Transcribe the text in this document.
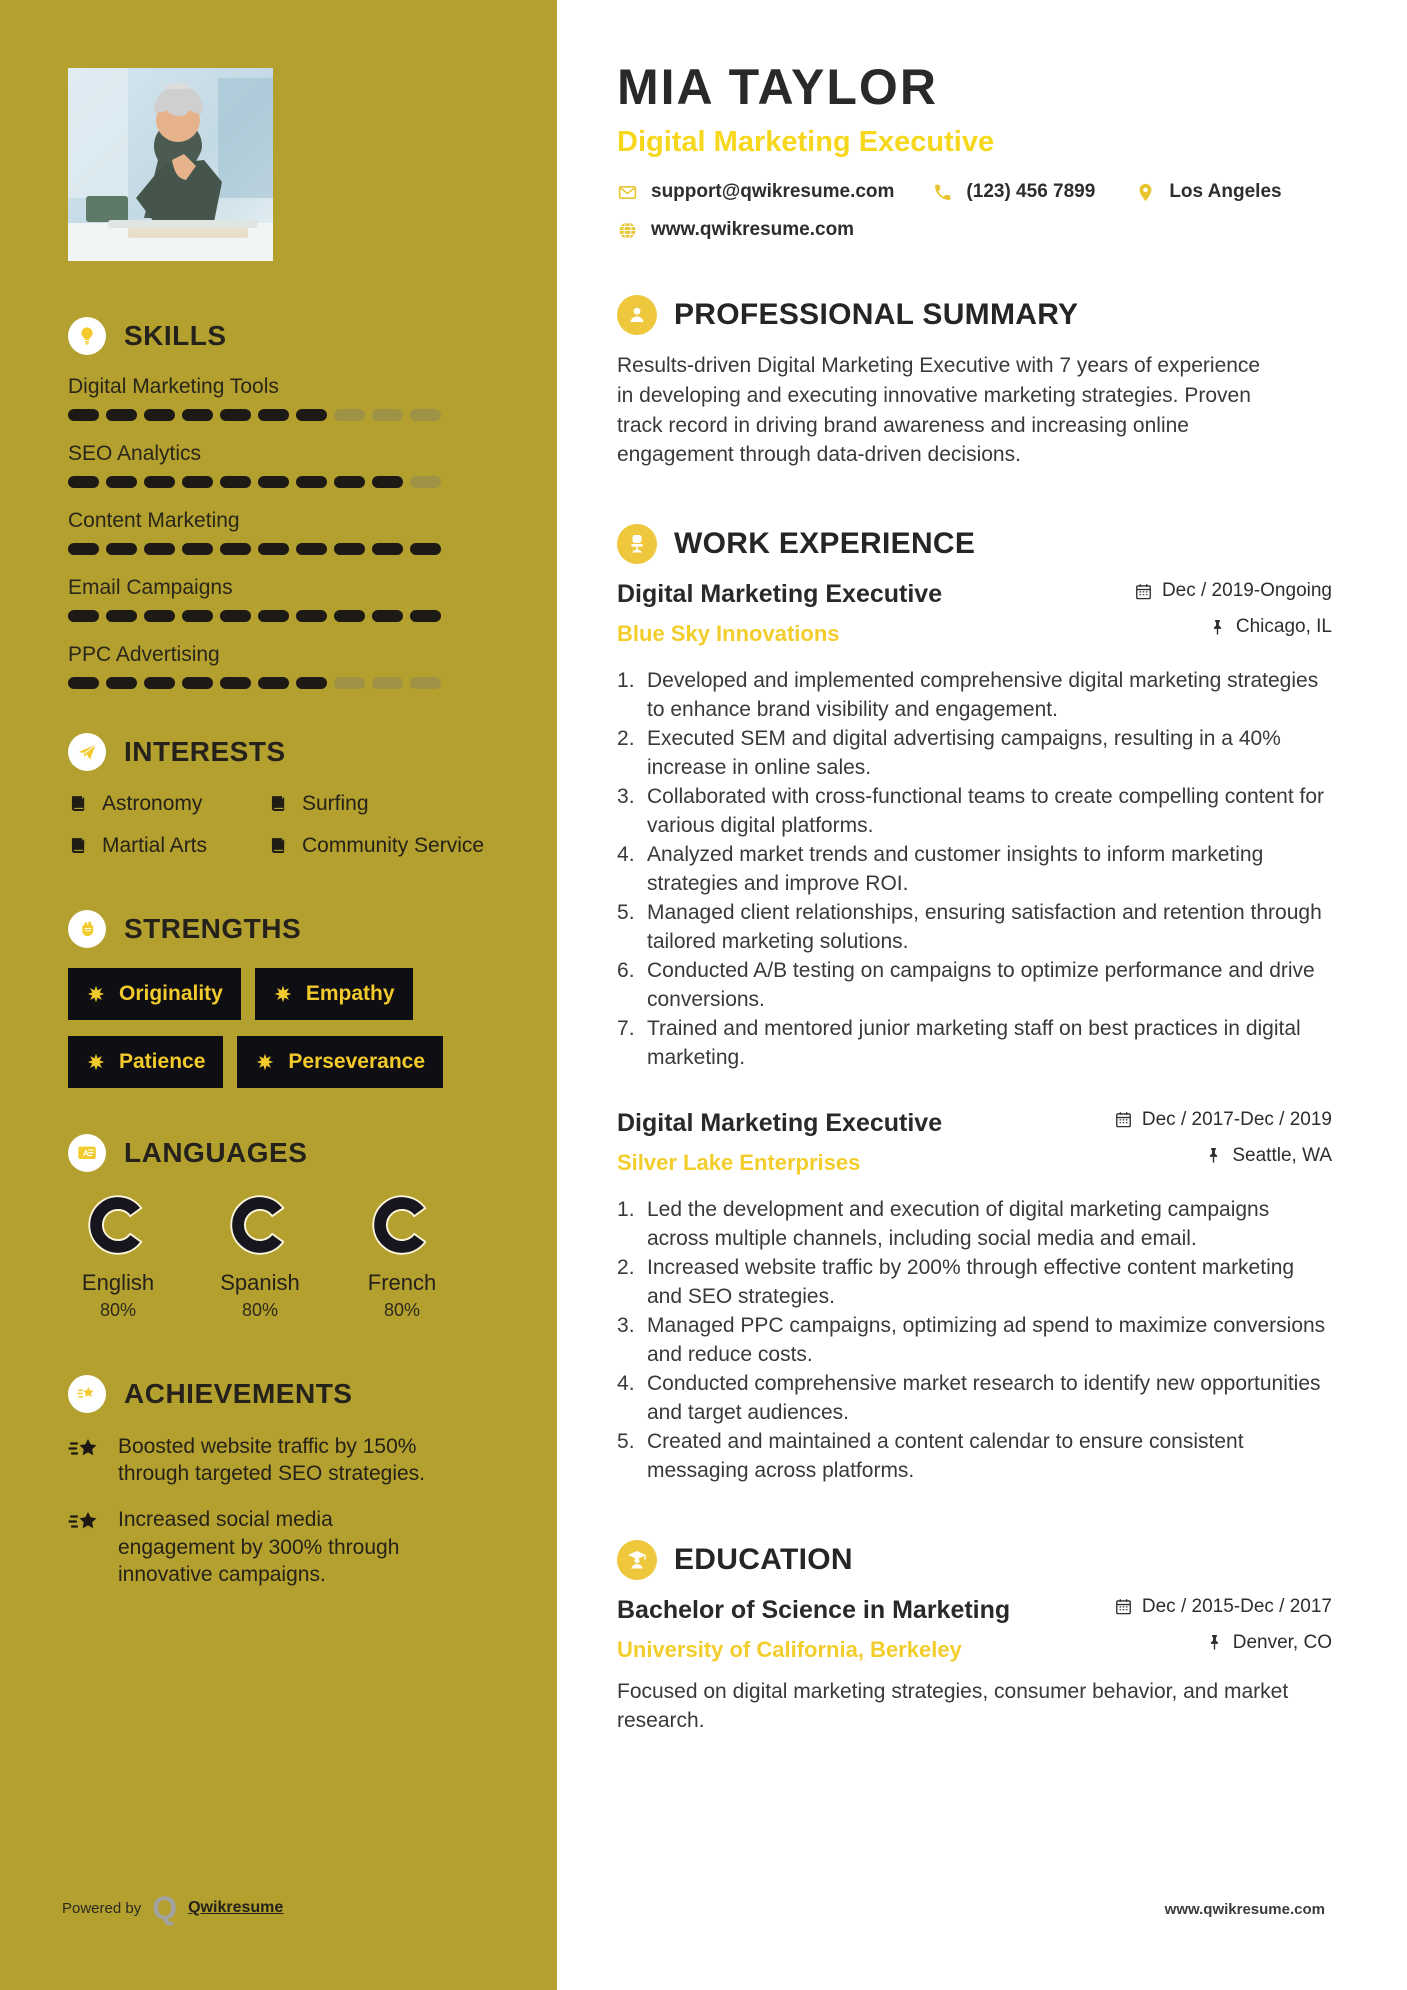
SKILLS
Digital Marketing Tools
SEO Analytics
Content Marketing
Email Campaigns
PPC Advertising
INTERESTS
Astronomy	Surfing
Martial Arts	Community Service
STRENGTHS
Originality	Empathy
Patience	Perseverance
A LANGUAGES
English
80%
Spanish
80%
French
80%
ACHIEVEMENTS
Boosted website traffic by 150% through targeted SEO strategies.
Increased social media engagement by 300% through innovative campaigns.
Powered by Q Qwikresume
MIA TAYLOR
Digital Marketing Executive
support@qwikresume.com	(123) 456 7899	Los Angeles
www.qwikresume.com
PROFESSIONAL SUMMARY

Results-driven Digital Marketing Executive with 7 years of experience in developing and executing innovative marketing strategies. Proven track record in driving brand awareness and increasing online engagement through data-driven decisions.

WORK EXPERIENCE
Digital Marketing Executive
Blue Sky Innovations
Dec / 2019-Ongoing
Chicago, IL
Developed and implemented comprehensive digital marketing strategies to enhance brand visibility and engagement.
Executed SEM and digital advertising campaigns, resulting in a 40% increase in online sales.
Collaborated with cross-functional teams to create compelling content for various digital platforms.
Analyzed market trends and customer insights to inform marketing strategies and improve ROI.
Managed client relationships, ensuring satisfaction and retention through tailored marketing solutions.
Conducted A/B testing on campaigns to optimize performance and drive conversions.
Trained and mentored junior marketing staff on best practices in digital marketing.
Digital Marketing Executive
Silver Lake Enterprises
Dec / 2017-Dec / 2019
Seattle, WA
Led the development and execution of digital marketing campaigns across multiple channels, including social media and email.
Increased website traffic by 200% through effective content marketing and SEO strategies.
Managed PPC campaigns, optimizing ad spend to maximize conversions and reduce costs.
Conducted comprehensive market research to identify new opportunities and target audiences.
Created and maintained a content calendar to ensure consistent messaging across platforms.
EDUCATION
Bachelor of Science in Marketing
University of California, Berkeley
Dec / 2015-Dec / 2017
Denver, CO

Focused on digital marketing strategies, consumer behavior, and market research.

www.qwikresume.com
